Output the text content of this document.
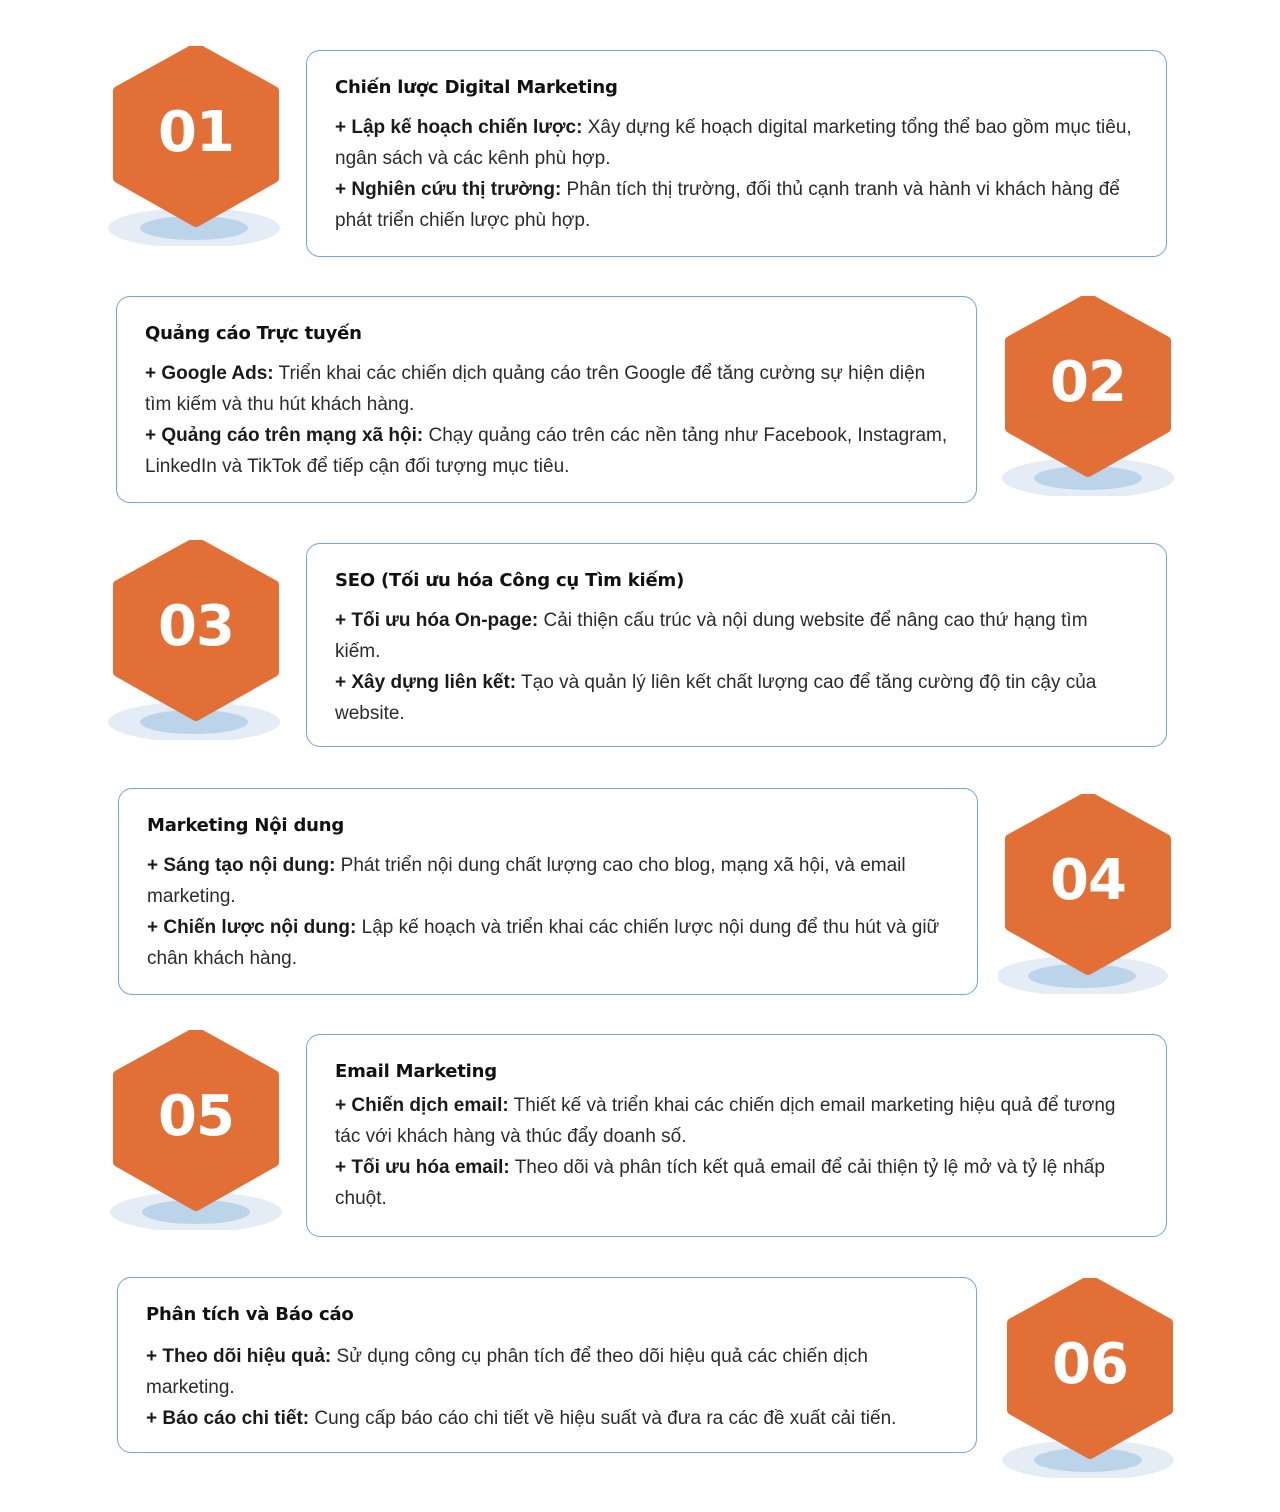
01
Chiến lược Digital Marketing

+ Lập kế hoạch chiến lược: Xây dựng kế hoạch digital marketing tổng thể bao gồm mục tiêu, ngân sách và các kênh phù hợp.

+ Nghiên cứu thị trường: Phân tích thị trường, đối thủ cạnh tranh và hành vi khách hàng để phát triển chiến lược phù hợp.

Quảng cáo Trực tuyến

+ Google Ads: Triển khai các chiến dịch quảng cáo trên Google để tăng cường sự hiện diện tìm kiếm và thu hút khách hàng.

+ Quảng cáo trên mạng xã hội: Chạy quảng cáo trên các nền tảng như Facebook, Instagram, LinkedIn và TikTok để tiếp cận đối tượng mục tiêu.

02
03
SEO (Tối ưu hóa Công cụ Tìm kiếm)

+ Tối ưu hóa On-page: Cải thiện cấu trúc và nội dung website để nâng cao thứ hạng tìm kiếm.

+ Xây dựng liên kết: Tạo và quản lý liên kết chất lượng cao để tăng cường độ tin cậy của website.

Marketing Nội dung

+ Sáng tạo nội dung: Phát triển nội dung chất lượng cao cho blog, mạng xã hội, và email marketing.

+ Chiến lược nội dung: Lập kế hoạch và triển khai các chiến lược nội dung để thu hút và giữ chân khách hàng.

04
05
Email Marketing

+ Chiến dịch email: Thiết kế và triển khai các chiến dịch email marketing hiệu quả để tương tác với khách hàng và thúc đẩy doanh số.

+ Tối ưu hóa email: Theo dõi và phân tích kết quả email để cải thiện tỷ lệ mở và tỷ lệ nhấp chuột.

Phân tích và Báo cáo

+ Theo dõi hiệu quả: Sử dụng công cụ phân tích để theo dõi hiệu quả các chiến dịch marketing.

+ Báo cáo chi tiết: Cung cấp báo cáo chi tiết về hiệu suất và đưa ra các đề xuất cải tiến.

06
